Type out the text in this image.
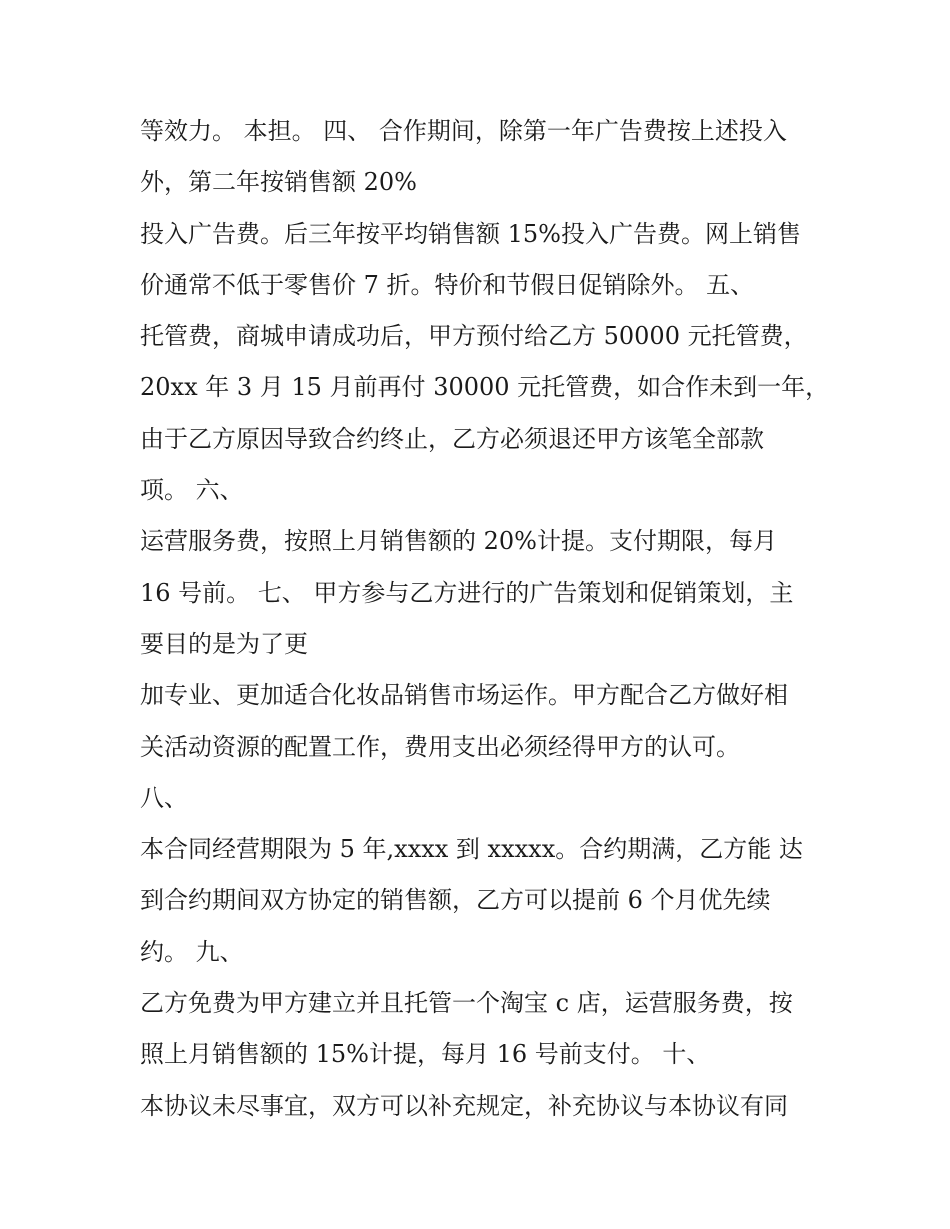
等效力。 本担。 四、 合作期间，除第一年广告费按上述投入
外，第二年按销售额 20%
投入广告费。后三年按平均销售额 15%投入广告费。网上销售
价通常不低于零售价 7 折。特价和节假日促销除外。 五、
托管费，商城申请成功后，甲方预付给乙方 50000 元托管费，
20xx 年 3 月 15 月前再付 30000 元托管费，如合作未到一年，
由于乙方原因导致合约终止，乙方必须退还甲方该笔全部款
项。 六、
运营服务费，按照上月销售额的 20%计提。支付期限，每月
16 号前。 七、 甲方参与乙方进行的广告策划和促销策划，主
要目的是为了更
加专业、更加适合化妆品销售市场运作。甲方配合乙方做好相
关活动资源的配置工作，费用支出必须经得甲方的认可。
八、
本合同经营期限为 5 年,xxxx 到 xxxxx。合约期满，乙方能 达
到合约期间双方协定的销售额，乙方可以提前 6 个月优先续
约。 九、
乙方免费为甲方建立并且托管一个淘宝 c 店，运营服务费，按
照上月销售额的 15%计提，每月 16 号前支付。 十、
本协议未尽事宜，双方可以补充规定，补充协议与本协议有同
